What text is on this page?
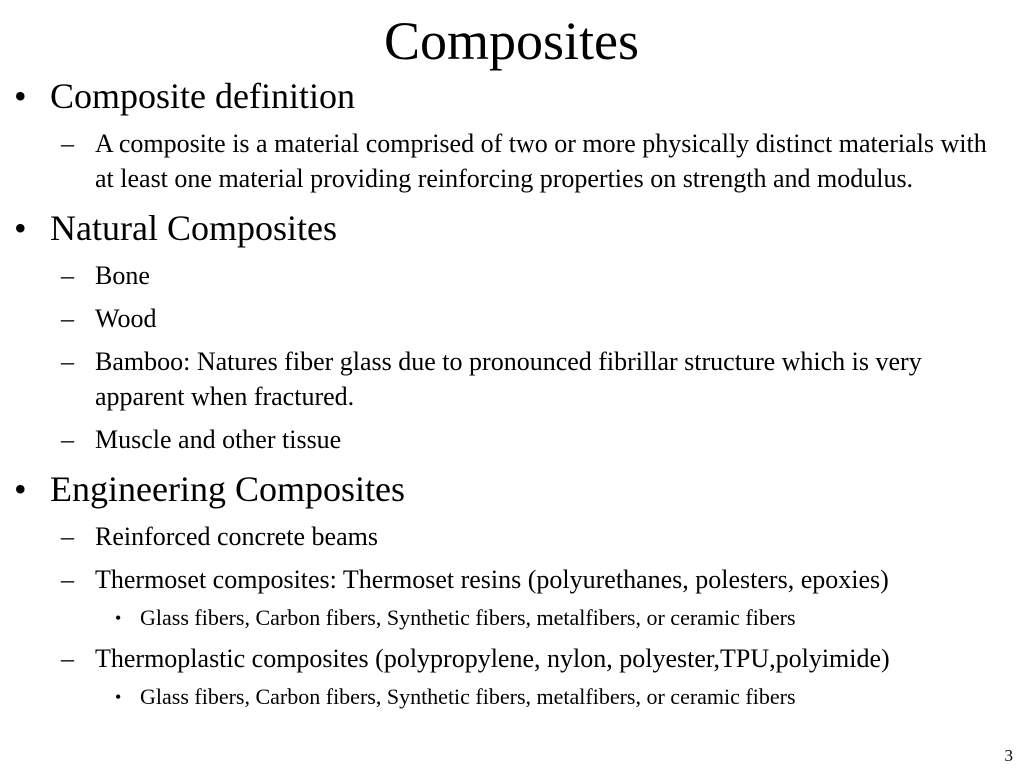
Composites
• Composite definition
– A composite is a material comprised of two or more physically distinct materials with at least one material providing reinforcing properties on strength and modulus.
• Natural Composites
– Bone
– Wood
– Bamboo: Natures fiber glass due to pronounced fibrillar structure which is very apparent when fractured.
– Muscle and other tissue
• Engineering Composites
– Reinforced concrete beams
– Thermoset composites: Thermoset resins (polyurethanes, polesters, epoxies)
• Glass fibers, Carbon fibers, Synthetic fibers, metalfibers, or ceramic fibers
– Thermoplastic composites (polypropylene, nylon, polyester,TPU,polyimide)
• Glass fibers, Carbon fibers, Synthetic fibers, metalfibers, or ceramic fibers
3
